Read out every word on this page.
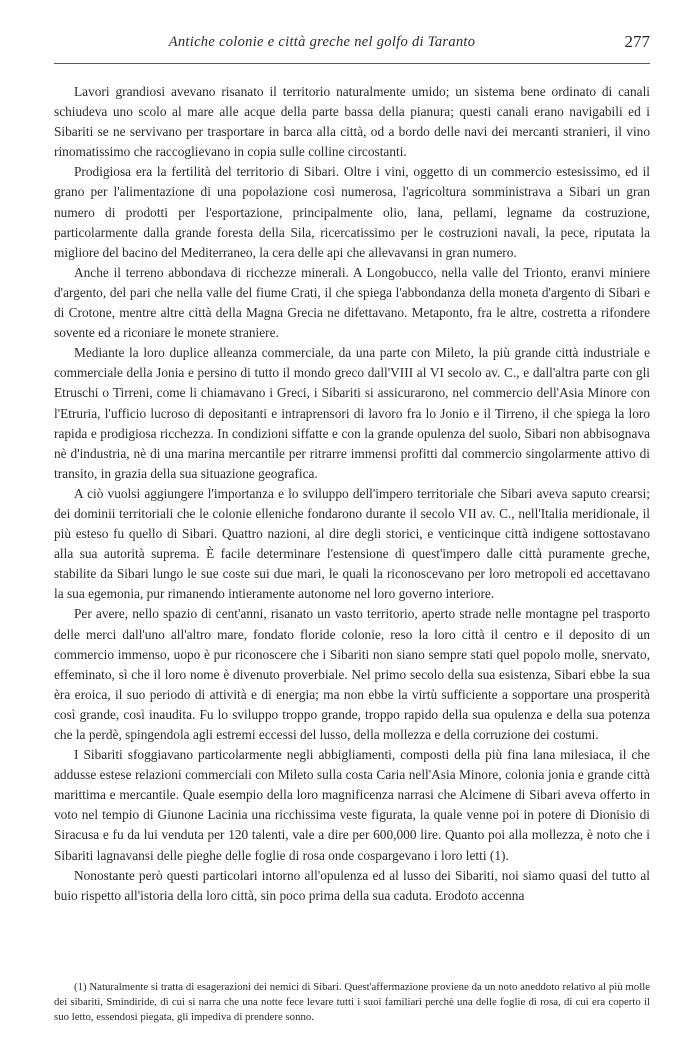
Antiche colonie e città greche nel golfo di Taranto	277

Lavori grandiosi avevano risanato il territorio naturalmente umido; un sistema bene ordinato di canali schiudeva uno scolo al mare alle acque della parte bassa della pianura; questi canali erano navigabili ed i Sibariti se ne servivano per trasportare in barca alla città, od a bordo delle navi dei mercanti stranieri, il vino rinomatissimo che raccoglievano in copia sulle colline circostanti.

Prodigiosa era la fertilità del territorio di Sibari. Oltre i vini, oggetto di un commercio estesissimo, ed il grano per l'alimentazione di una popolazione così numerosa, l'agricoltura somministrava a Sibari un gran numero di prodotti per l'esportazione, principalmente olio, lana, pellami, legname da costruzione, particolarmente dalla grande foresta della Sila, ricercatissimo per le costruzioni navali, la pece, riputata la migliore del bacino del Mediterraneo, la cera delle api che allevavansi in gran numero.

Anche il terreno abbondava di ricchezze minerali. A Longobucco, nella valle del Trionto, eranvi miniere d'argento, del pari che nella valle del fiume Crati, il che spiega l'abbondanza della moneta d'argento di Sibari e di Crotone, mentre altre città della Magna Grecia ne difettavano. Metaponto, fra le altre, costretta a rifondere sovente ed a riconiare le monete straniere.

Mediante la loro duplice alleanza commerciale, da una parte con Mileto, la più grande città industriale e commerciale della Jonia e persino di tutto il mondo greco dall'VIII al VI secolo av. C., e dall'altra parte con gli Etruschi o Tirreni, come li chiamavano i Greci, i Sibariti si assicurarono, nel commercio dell'Asia Minore con l'Etruria, l'ufficio lucroso di depositanti e intraprensori di lavoro fra lo Jonio e il Tirreno, il che spiega la loro rapida e prodigiosa ricchezza. In condizioni siffatte e con la grande opulenza del suolo, Sibari non abbisognava nè d'industria, nè di una marina mercantile per ritrarre immensi profitti dal commercio singolarmente attivo di transito, in grazia della sua situazione geografica.

A ciò vuolsi aggiungere l'importanza e lo sviluppo dell'impero territoriale che Sibari aveva saputo crearsi; dei dominii territoriali che le colonie elleniche fondarono durante il secolo VII av. C., nell'Italia meridionale, il più esteso fu quello di Sibari. Quattro nazioni, al dire degli storici, e venticinque città indigene sottostavano alla sua autorità suprema. È facile determinare l'estensione di quest'impero dalle città puramente greche, stabilite da Sibari lungo le sue coste sui due mari, le quali la riconoscevano per loro metropoli ed accettavano la sua egemonia, pur rimanendo intieramente autonome nel loro governo interiore.

Per avere, nello spazio di cent'anni, risanato un vasto territorio, aperto strade nelle montagne pel trasporto delle merci dall'uno all'altro mare, fondato floride colonie, reso la loro città il centro e il deposito di un commercio immenso, uopo è pur riconoscere che i Sibariti non siano sempre stati quel popolo molle, snervato, effeminato, sì che il loro nome è divenuto proverbiale. Nel primo secolo della sua esistenza, Sibari ebbe la sua èra eroica, il suo periodo di attività e di energia; ma non ebbe la virtù sufficiente a sopportare una prosperità così grande, così inaudita. Fu lo sviluppo troppo grande, troppo rapido della sua opulenza e della sua potenza che la perdè, spingendola agli estremi eccessi del lusso, della mollezza e della corruzione dei costumi.

I Sibariti sfoggiavano particolarmente negli abbigliamenti, composti della più fina lana milesiaca, il che addusse estese relazioni commerciali con Mileto sulla costa Caria nell'Asia Minore, colonia jonia e grande città marittima e mercantile. Quale esempio della loro magnificenza narrasi che Alcimene di Sibari aveva offerto in voto nel tempio di Giunone Lacinia una ricchissima veste figurata, la quale venne poi in potere di Dionisio di Siracusa e fu da lui venduta per 120 talenti, vale a dire per 600,000 lire. Quanto poi alla mollezza, è noto che i Sibariti lagnavansi delle pieghe delle foglie di rosa onde cospargevano i loro letti (1).

Nonostante però questi particolari intorno all'opulenza ed al lusso dei Sibariti, noi siamo quasi del tutto al buio rispetto all'istoria della loro città, sin poco prima della sua caduta. Erodoto accenna

(1) Naturalmente si tratta di esagerazioni dei nemici di Sibari. Quest'affermazione proviene da un noto aneddoto relativo al più molle dei sibariti, Smindiride, di cui si narra che una notte fece levare tutti i suoi familiari perchè una delle foglie di rosa, di cui era coperto il suo letto, essendosi piegata, gli impediva di prendere sonno.
